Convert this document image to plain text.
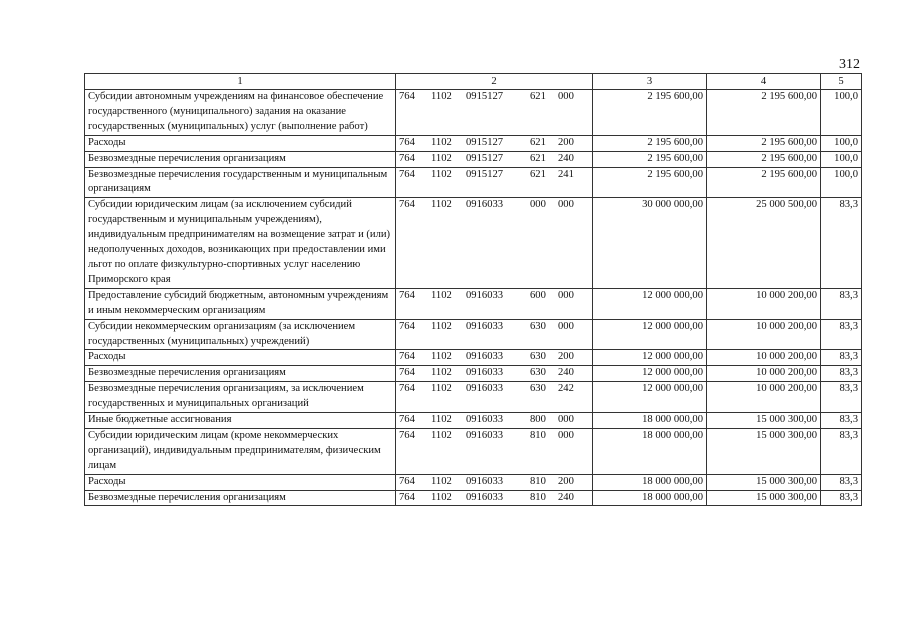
312
1	2	3	4	5
Субсидии автономным учреждениям на финансовое обеспечение государственного (муниципального) задания на оказание государственных (муниципальных) услуг (выполнение работ)	764 1102 0915127 621 000	2 195 600,00	2 195 600,00	100,0
Расходы	764 1102 0915127 621 200	2 195 600,00	2 195 600,00	100,0
Безвозмездные перечисления организациям	764 1102 0915127 621 240	2 195 600,00	2 195 600,00	100,0
Безвозмездные перечисления государственным и муниципальным организациям	764 1102 0915127 621 241	2 195 600,00	2 195 600,00	100,0
Субсидии юридическим лицам (за исключением субсидий государственным и муниципальным учреждениям), индивидуальным предпринимателям на возмещение затрат и (или) недополученных доходов, возникающих при предоставлении ими льгот по оплате физкультурно-спортивных услуг населению Приморского края	764 1102 0916033 000 000	30 000 000,00	25 000 500,00	83,3
Предоставление субсидий бюджетным, автономным учреждениям и иным некоммерческим организациям	764 1102 0916033 600 000	12 000 000,00	10 000 200,00	83,3
Субсидии некоммерческим организациям (за исключением государственных (муниципальных) учреждений)	764 1102 0916033 630 000	12 000 000,00	10 000 200,00	83,3
Расходы	764 1102 0916033 630 200	12 000 000,00	10 000 200,00	83,3
Безвозмездные перечисления организациям	764 1102 0916033 630 240	12 000 000,00	10 000 200,00	83,3
Безвозмездные перечисления организациям, за исключением государственных и муниципальных организаций	764 1102 0916033 630 242	12 000 000,00	10 000 200,00	83,3
Иные бюджетные ассигнования	764 1102 0916033 800 000	18 000 000,00	15 000 300,00	83,3
Субсидии юридическим лицам (кроме некоммерческих организаций), индивидуальным предпринимателям, физическим лицам	764 1102 0916033 810 000	18 000 000,00	15 000 300,00	83,3
Расходы	764 1102 0916033 810 200	18 000 000,00	15 000 300,00	83,3
Безвозмездные перечисления организациям	764 1102 0916033 810 240	18 000 000,00	15 000 300,00	83,3
